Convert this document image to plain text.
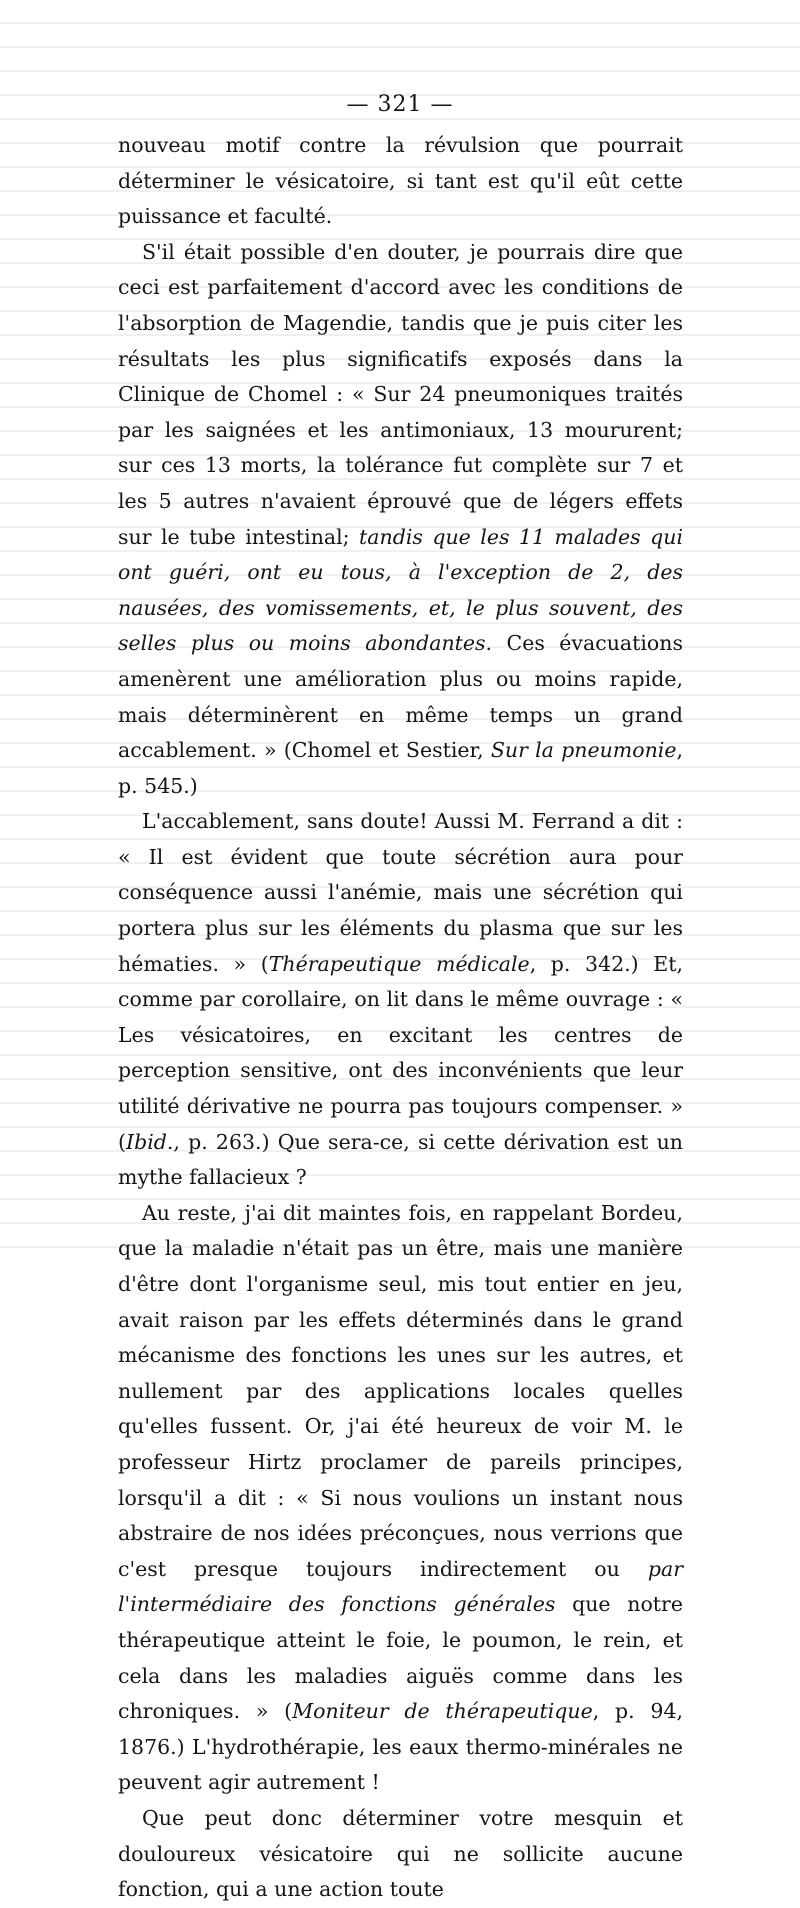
— 321 —

nouveau motif contre la révulsion que pourrait déterminer le vésicatoire, si tant est qu'il eût cette puissance et faculté.

S'il était possible d'en douter, je pourrais dire que ceci est parfaitement d'accord avec les conditions de l'absorption de Magendie, tandis que je puis citer les résultats les plus significatifs exposés dans la Clinique de Chomel : « Sur 24 pneumoniques traités par les saignées et les antimoniaux, 13 moururent; sur ces 13 morts, la tolérance fut complète sur 7 et les 5 autres n'avaient éprouvé que de légers effets sur le tube intestinal; tandis que les 11 malades qui ont guéri, ont eu tous, à l'exception de 2, des nausées, des vomissements, et, le plus souvent, des selles plus ou moins abondantes. Ces évacuations amenèrent une amélioration plus ou moins rapide, mais déterminèrent en même temps un grand accablement. » (Chomel et Sestier, Sur la pneumonie, p. 545.)

L'accablement, sans doute! Aussi M. Ferrand a dit : « Il est évident que toute sécrétion aura pour conséquence aussi l'anémie, mais une sécrétion qui portera plus sur les éléments du plasma que sur les hématies. » (Thérapeutique médicale, p. 342.) Et, comme par corollaire, on lit dans le même ouvrage : « Les vésicatoires, en excitant les centres de perception sensitive, ont des inconvénients que leur utilité dérivative ne pourra pas toujours compenser. » (Ibid., p. 263.) Que sera-ce, si cette dérivation est un mythe fallacieux ?

Au reste, j'ai dit maintes fois, en rappelant Bordeu, que la maladie n'était pas un être, mais une manière d'être dont l'organisme seul, mis tout entier en jeu, avait raison par les effets déterminés dans le grand mécanisme des fonctions les unes sur les autres, et nullement par des applications locales quelles qu'elles fussent. Or, j'ai été heureux de voir M. le professeur Hirtz proclamer de pareils principes, lorsqu'il a dit : « Si nous voulions un instant nous abstraire de nos idées préconçues, nous verrions que c'est presque toujours indirectement ou par l'intermédiaire des fonctions générales que notre thérapeutique atteint le foie, le poumon, le rein, et cela dans les maladies aiguës comme dans les chroniques. » (Moniteur de thérapeutique, p. 94, 1876.) L'hydrothérapie, les eaux thermo-minérales ne peuvent agir autrement !

Que peut donc déterminer votre mesquin et douloureux vésicatoire qui ne sollicite aucune fonction, qui a une action toute
